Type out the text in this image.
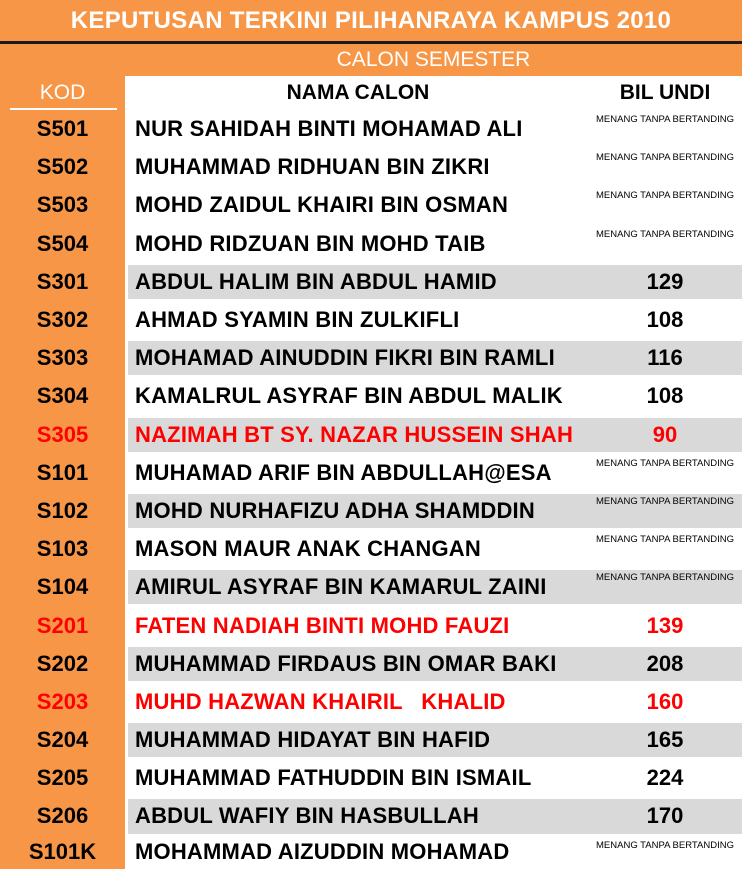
KEPUTUSAN TERKINI PILIHANRAYA KAMPUS 2010
CALON SEMESTER
KOD	NAMA CALON	BIL UNDI
S501	NUR SAHIDAH BINTI MOHAMAD ALI	MENANG TANPA BERTANDING
S502	MUHAMMAD RIDHUAN BIN ZIKRI	MENANG TANPA BERTANDING
S503	MOHD ZAIDUL KHAIRI BIN OSMAN	MENANG TANPA BERTANDING
S504	MOHD RIDZUAN BIN MOHD TAIB	MENANG TANPA BERTANDING
S301	ABDUL HALIM BIN ABDUL HAMID	129
S302	AHMAD SYAMIN BIN ZULKIFLI	108
S303	MOHAMAD AINUDDIN FIKRI BIN RAMLI	116
S304	KAMALRUL ASYRAF BIN ABDUL MALIK	108
S305	NAZIMAH BT SY. NAZAR HUSSEIN SHAH	90
S101	MUHAMAD ARIF BIN ABDULLAH@ESA	MENANG TANPA BERTANDING
S102	MOHD NURHAFIZU ADHA SHAMDDIN	MENANG TANPA BERTANDING
S103	MASON MAUR ANAK CHANGAN	MENANG TANPA BERTANDING
S104	AMIRUL ASYRAF BIN KAMARUL ZAINI	MENANG TANPA BERTANDING
S201	FATEN NADIAH BINTI MOHD FAUZI	139
S202	MUHAMMAD FIRDAUS BIN OMAR BAKI	208
S203	MUHD HAZWAN KHAIRIL   KHALID	160
S204	MUHAMMAD HIDAYAT BIN HAFID	165
S205	MUHAMMAD FATHUDDIN BIN ISMAIL	224
S206	ABDUL WAFIY BIN HASBULLAH	170
S101K	MOHAMMAD AIZUDDIN MOHAMAD	MENANG TANPA BERTANDING
